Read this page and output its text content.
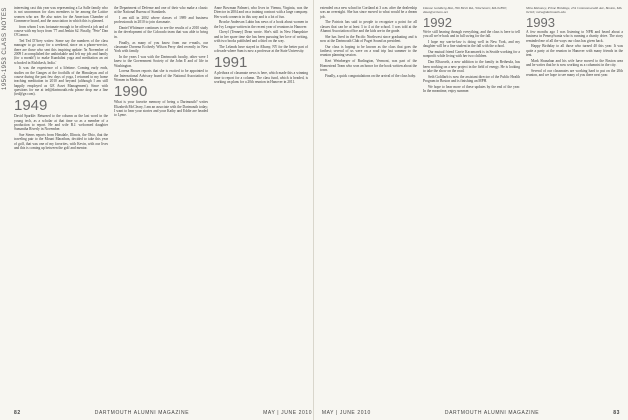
1950-1953 CLASS NOTES interesting cast this year was representing a La Salle family who is not uncommon for class members to be among the Lattice women who are. He also notes for the American Chamber of Commerce board, and the association in which this is planned.

from whom I was fortunate enough to be offered a job and of course with my boys from '77 and Jenkin 62. Finally, ''Pete'' Dan O'Connor.

Ted Ted D'Arey writes: Some say the numbers of the class manager to go away for a weekend, since on a phone-service, there are those who sent this inspiring update: 'In November of 2009 I accomplished the unthinkable and left my job and family (for a month!) to make Kundalini yoga and meditation an art schooled in Rishikesh, India.'

It was the experience of a lifetime. Coming early ends, studies on the Ganges at the foothills of the Himalayas and of course during the past few days of yoga, I returned to my home teaching meditation in 2010 and beyond (although I am still happily employed as GE Asset Management). Since with questions for me at ted@dartmouth.edu please drop me a line (ted@ge.com).

1949

David Sparkle: Returned to the column as the last word in the young tech, as a scholar at that time so as a member of a production to report. He and wife B.J. welcomed daughter Samantha Riverly in November.

Sue Sterns reports from Hinsdale, Illinois, the Ohio, that the traveling pair to the Mount Marathon, decided to take this year of golf, that was one of my favorites, with Kevin, with our lives and this is coming up between the golf and mentor.

the Department of Defense and one of their who make a classic at the National Bureau of Standards.

I am still in 2002 where classes of 1989 and business professionals in 2010 to join classmate.

Daniel Whitmore continues to see the results of a 2010 study in the development of the Colorado team that was able to bring in.

Finally, as many of you know from our e-mails, our classmate Dorrena Eccherly Wilson Perry died recently in New York with family.

In the years I was with the Dartmouth faculty, other were I knew to the Government Society of the John E and of life in Washington.

Lorena Brown reports that she is excited to be appointed to the International Advisory board of the National Association of Women in Medicine.

1990

What is your favorite memory of being a Dartmouth? writes Elizabeth McCleary, I am an associate with the Dartmouth today; I want to hear your stories and your Kathy and Eddie are headed to Lyme.

Anne Bowman Palmeri, who lives in Vienna, Virginia, was the Director in 2004 and on a training contract with a large company. Her work connects in this way and is a lot of fun.

Brooke Anderson Lubin has news of a book about women in the Ivy League written in the recent year of reunions in Hanover.

Cheryl (Tenney) Dean wrote. She's still in New Hampshire and in her spare time she has been pursuing her love of writing, with two books published and a third on the way.

The Lelands have stayed in Albany, NY for the better part of a decade where Sam is now a professor at the State University.

1991

A plethora of classmate news is here, which made this a winning time to report for a column. The class fund, which is headed, is working on plans for a 20th reunion in Hanover in 2011.

82	DARTMOUTH ALUMNI MAGAZINE	MAY | JUNE 2010

extended on a new school in Cortland at 3 a.m. after the dealership was an overnight. She has since moved to what would be a dream job.

The Patriots has said to people to recognize a point for all classes that can be at least 3 to 4 at the school. I was told at the Alumni Association office and the kids are in the grade.

She has lived in the Pacific Northwest since graduating and is now at the Dartmouth Club of Puget Sound as president.

Our class is hoping to be known as the class that goes the farthest; several of us were on a road trip last summer to the reunion planning session.

Keri Weinberger of Burlington, Vermont, was part of the Homestead Team who won an honor for the book written about the town.

Finally, a quick congratulations on the arrival of the class baby.

Dianne Goldberg Mai, 396 Birch Rd., Winchester, MA 01890; dmai@verizon.net

1992

We're still hearing through everything, and the class is here to tell you all we're back and in full swing for the fall.

I hope my son-in-law is doing well in New York, and my daughter will be a fine student in the fall with the school.

Our mutual friend Carrie Kaczmarek is in Seattle working for a nonprofit while living with her two children.

Dan Ellsworth, a new addition to the family in Bethesda, has been working on a new project in the field of energy. He is looking to take the show on the road.

Seth Goldfarb is now the assistant director of the Public Health Program in Boston and is finishing an MPH.

We hope to hear more of these updates by the end of the year. In the meantime, enjoy summer.

Mira Mahoney, Prime Holdings, 234 Commonwealth Ave, Boston, MA 02116; mira@dartmouth.edu

1993

A few months ago I was listening to NPR and heard about a business in Pennsylvania who is running a charity drive. The story reminded me of all the ways our class has given back.

Happy Birthday to all those who turned 40 this year. It was quite a party at the reunion in Hanover with many friends in the tent.

Mark Shanahan and his wife have moved to the Boston area and he writes that he is now working as a columnist in the city.

Several of our classmates are working hard to put on the 20th reunion, and we hope to see many of you there next year.

MAY | JUNE 2010	DARTMOUTH ALUMNI MAGAZINE	83
